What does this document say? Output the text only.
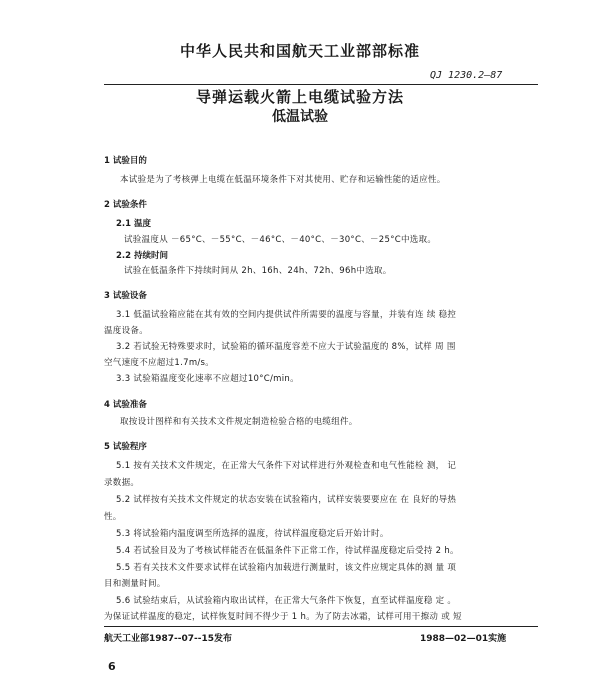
中华人民共和国航天工业部部标准
QJ 1230.2—87
导弹运载火箭上电缆试验方法
低温试验
1 试验目的
本试验是为了考核弹上电缆在低温环境条件下对其使用、贮存和运输性能的适应性。
2 试验条件
2.1 温度
试验温度从 －65°C、－55°C、－46°C、－40°C、－30°C、－25°C中选取。
2.2 持续时间
试验在低温条件下持续时间从 2h、16h、24h、72h、96h中选取。
3 试验设备
3.1 低温试验箱应能在其有效的空间内提供试件所需要的温度与容量，并装有连 续 稳控
温度设备。
3.2 若试验无特殊要求时，试验箱的循环温度容差不应大于试验温度的 8%，试样 周 围
空气速度不应超过1.7m/s。
3.3 试验箱温度变化速率不应超过10°C/min。
4 试验准备
取按设计图样和有关技术文件规定制造检验合格的电缆组件。
5 试验程序
5.1 按有关技术文件规定，在正常大气条件下对试样进行外观检查和电气性能检 测， 记
录数据。
5.2 试样按有关技术文件规定的状态安装在试验箱内，试样安装要要应在 在 良好的导热
性。
5.3 将试验箱内温度调至所选择的温度，待试样温度稳定后开始计时。
5.4 若试验目及为了考核试样能否在低温条件下正常工作，待试样温度稳定后受持 2 h。
5.5 若有关技术文件要求试样在试验箱内加载进行测量时，该文件应规定具体的测 量 项
目和测量时间。
5.6 试验结束后，从试验箱内取出试样，在正常大气条件下恢复，直至试样温度稳 定 。
为保证试样温度的稳定，试样恢复时间不得少于 1 h。为了防去冰霜，试样可用干擦动 或 短
航天工业部1987--07--15发布	1988—02—01实施
6
